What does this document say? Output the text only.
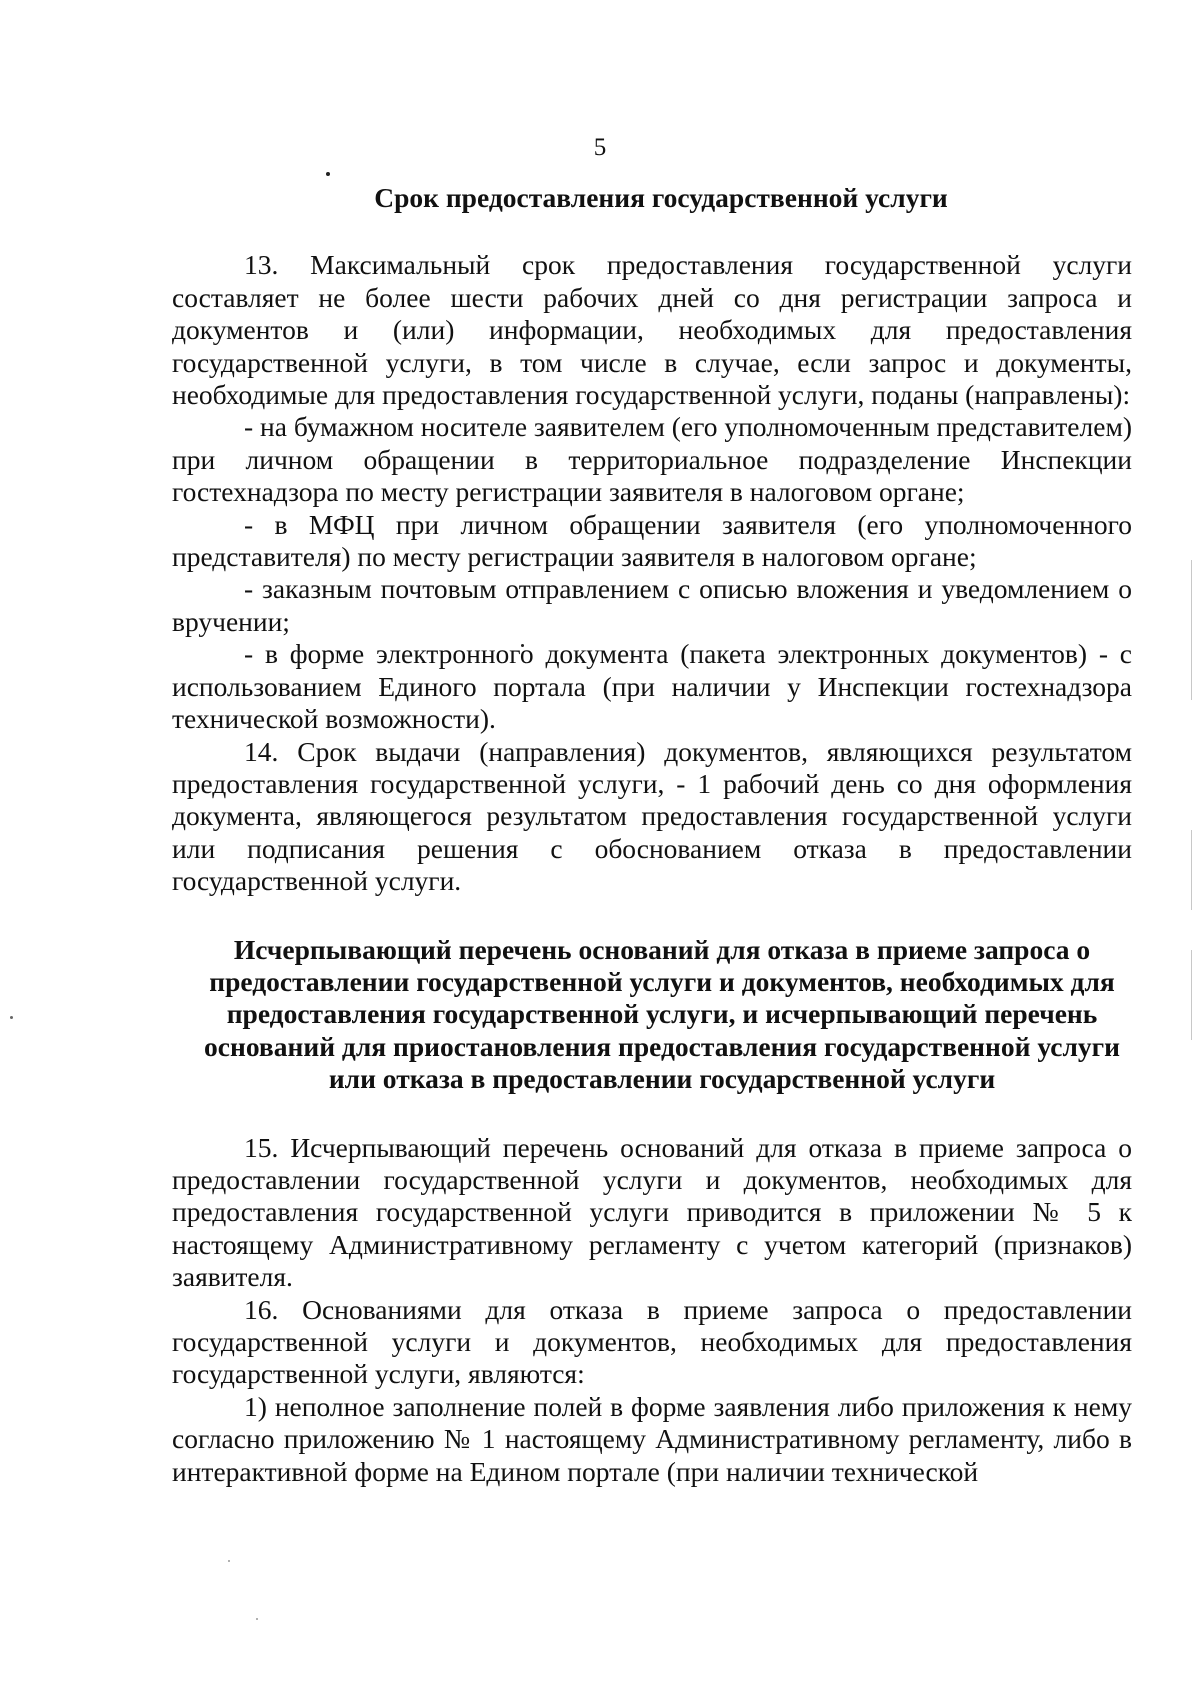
5

Срок предоставления государственной услуги

13. Максимальный срок предоставления государственной услуги составляет не более шести рабочих дней со дня регистрации запроса и документов и (или) информации, необходимых для предоставления государственной услуги, в том числе в случае, если запрос и документы, необходимые для предоставления государственной услуги, поданы (направлены):

- на бумажном носителе заявителем (его уполномоченным представителем) при личном обращении в территориальное подразделение Инспекции гостехнадзора по месту регистрации заявителя в налоговом органе;

- в МФЦ при личном обращении заявителя (его уполномоченного представителя) по месту регистрации заявителя в налоговом органе;

- заказным почтовым отправлением с описью вложения и уведомлением о вручении;

- в форме электронного документа (пакета электронных документов) - с использованием Единого портала (при наличии у Инспекции гостехнадзора технической возможности).

14. Срок выдачи (направления) документов, являющихся результатом предоставления государственной услуги, - 1 рабочий день со дня оформления документа, являющегося результатом предоставления государственной услуги или подписания решения с обоснованием отказа в предоставлении государственной услуги.

Исчерпывающий перечень оснований для отказа в приеме запроса о предоставлении государственной услуги и документов, необходимых для предоставления государственной услуги, и исчерпывающий перечень оснований для приостановления предоставления государственной услуги или отказа в предоставлении государственной услуги

15. Исчерпывающий перечень оснований для отказа в приеме запроса о предоставлении государственной услуги и документов, необходимых для предоставления государственной услуги приводится в приложении № 5 к настоящему Административному регламенту с учетом категорий (признаков) заявителя.

16. Основаниями для отказа в приеме запроса о предоставлении государственной услуги и документов, необходимых для предоставления государственной услуги, являются:

1) неполное заполнение полей в форме заявления либо приложения к нему согласно приложению № 1 настоящему Административному регламенту, либо в интерактивной форме на Едином портале (при наличии технической
